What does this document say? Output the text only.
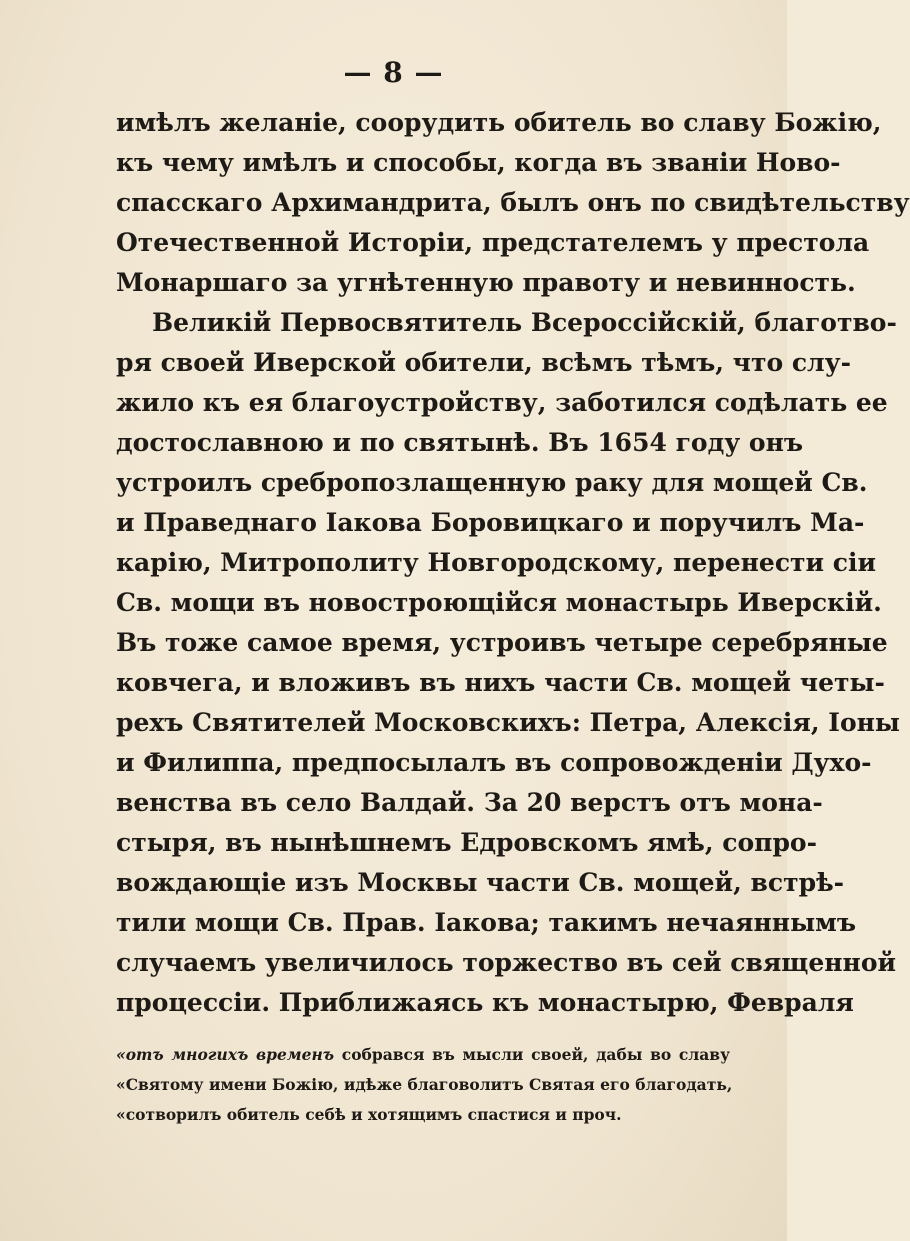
— 8 —
имѣлъ желаніе, соорудить обитель во славу Божію,
къ чему имѣлъ и способы, когда въ званіи Ново-
спасскаго Архимандрита, былъ онъ по свидѣтельству
Отечественной Исторіи, предстателемъ у престола
Монаршаго за угнѣтенную правоту и невинность.
Великій Первосвятитель Всероссійскій, благотво-
ря своей Иверской обители, всѣмъ тѣмъ, что слу-
жило къ ея благоустройству, заботился содѣлать ее
достославною и по святынѣ. Въ 1654 году онъ
устроилъ сребропозлащенную раку для мощей Св.
и Праведнаго Іакова Боровицкаго и поручилъ Ма-
карію, Митрополиту Новгородскому, перенести сіи
Св. мощи въ новостроющійся монастырь Иверскій.
Въ тоже самое время, устроивъ четыре серебряные
ковчега, и вложивъ въ нихъ части Св. мощей четы-
рехъ Святителей Московскихъ: Петра, Алексія, Іоны
и Филиппа, предпосылалъ въ сопровожденіи Духо-
венства въ село Валдай. За 20 верстъ отъ мона-
стыря, въ нынѣшнемъ Едровскомъ ямѣ, сопро-
вождающіе изъ Москвы части Св. мощей, встрѣ-
тили мощи Св. Прав. Іакова; такимъ нечаяннымъ
случаемъ увеличилось торжество въ сей священной
процессіи. Приближаясь къ монастырю, Февраля
«отъ многихъ временъ собрався въ мысли своей, дабы во славу
«Святому имени Божію, идѣже благоволитъ Святая его благодать,
«сотворилъ обитель себѣ и хотящимъ спастися и проч.
